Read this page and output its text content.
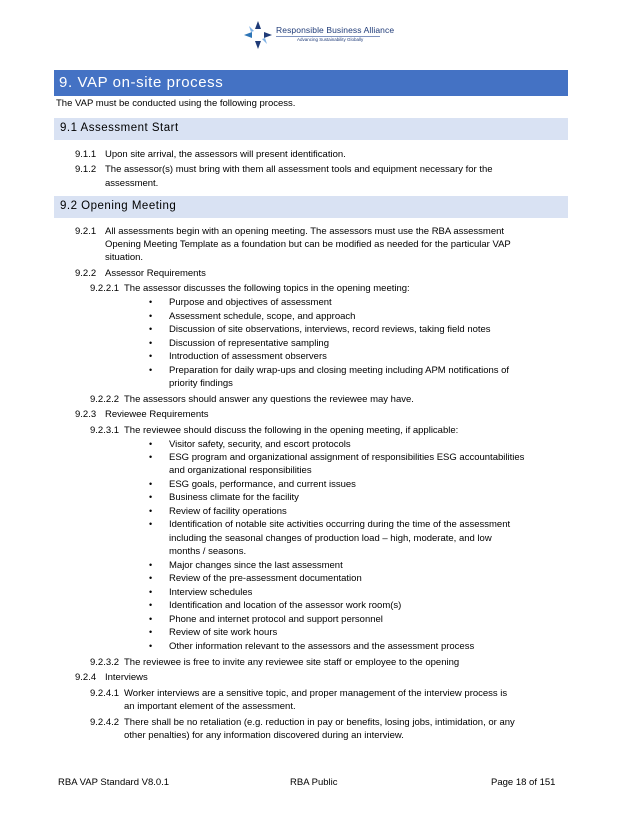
Responsible Business Alliance
Advancing Sustainability Globally
9. VAP on-site process
The VAP must be conducted using the following process.
9.1 Assessment Start
9.1.1 Upon site arrival, the assessors will present identification.
9.1.2 The assessor(s) must bring with them all assessment tools and equipment necessary for the
assessment.
9.2 Opening Meeting
9.2.1 All assessments begin with an opening meeting. The assessors must use the RBA assessment
Opening Meeting Template as a foundation but can be modified as needed for the particular VAP
situation.
9.2.2 Assessor Requirements
9.2.2.1 The assessor discusses the following topics in the opening meeting:
• Purpose and objectives of assessment
• Assessment schedule, scope, and approach
• Discussion of site observations, interviews, record reviews, taking field notes
• Discussion of representative sampling
• Introduction of assessment observers
• Preparation for daily wrap-ups and closing meeting including APM notifications of
priority findings
9.2.2.2 The assessors should answer any questions the reviewee may have.
9.2.3 Reviewee Requirements
9.2.3.1 The reviewee should discuss the following in the opening meeting, if applicable:
• Visitor safety, security, and escort protocols
• ESG program and organizational assignment of responsibilities ESG accountabilities
and organizational responsibilities
• ESG goals, performance, and current issues
• Business climate for the facility
• Review of facility operations
• Identification of notable site activities occurring during the time of the assessment
including the seasonal changes of production load – high, moderate, and low
months / seasons.
• Major changes since the last assessment
• Review of the pre-assessment documentation
• Interview schedules
• Identification and location of the assessor work room(s)
• Phone and internet protocol and support personnel
• Review of site work hours
• Other information relevant to the assessors and the assessment process
9.2.3.2 The reviewee is free to invite any reviewee site staff or employee to the opening
9.2.4 Interviews
9.2.4.1 Worker interviews are a sensitive topic, and proper management of the interview process is
an important element of the assessment.
9.2.4.2 There shall be no retaliation (e.g. reduction in pay or benefits, losing jobs, intimidation, or any
other penalties) for any information discovered during an interview.
RBA VAP Standard V8.0.1	RBA Public	Page 18 of 151
